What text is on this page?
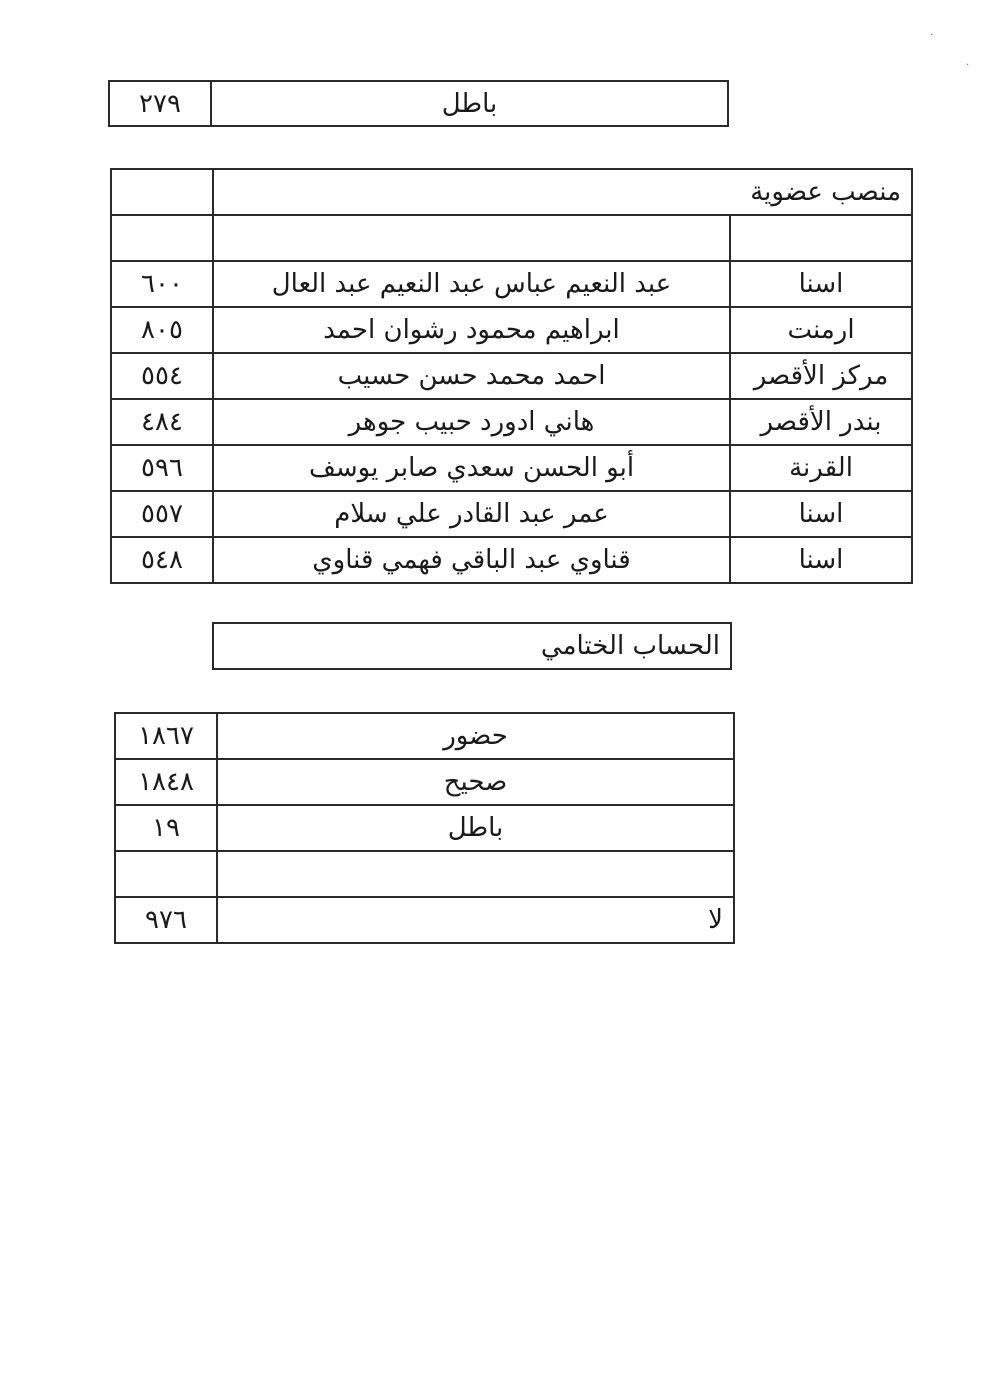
·
·
باطل	٢٧٩
منصب عضوية		

اسنا	عبد النعيم عباس عبد النعيم عبد العال	٦٠٠
ارمنت	ابراهيم محمود رشوان احمد	٨٠٥
مركز الأقصر	احمد محمد حسن حسيب	٥٥٤
بندر الأقصر	هاني ادورد حبيب جوهر	٤٨٤
القرنة	أبو الحسن سعدي صابر يوسف	٥٩٦
اسنا	عمر عبد القادر علي سلام	٥٥٧
اسنا	قناوي عبد الباقي فهمي قناوي	٥٤٨
الحساب الختامي
حضور	١٨٦٧
صحيح	١٨٤٨
باطل	١٩

لا	٩٧٦
